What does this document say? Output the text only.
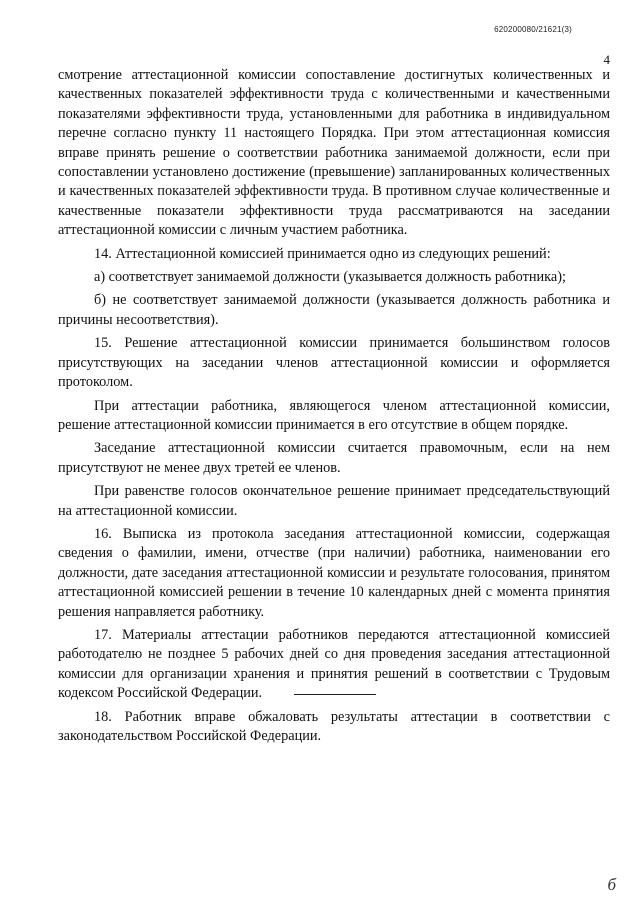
620200080/21621(3)
4

смотрение аттестационной комиссии сопоставление достигнутых количественных и качественных показателей эффективности труда с количественными и качественными показателями эффективности труда, установленными для работника в индивидуальном перечне согласно пункту 11 настоящего Порядка. При этом аттестационная комиссия вправе принять решение о соответствии работника занимаемой должности, если при сопоставлении установлено достижение (превышение) запланированных количественных и качественных показателей эффективности труда. В противном случае количественные и качественные показатели эффективности труда рассматриваются на заседании аттестационной комиссии с личным участием работника.

14. Аттестационной комиссией принимается одно из следующих решений:

а) соответствует занимаемой должности (указывается должность работника);

б) не соответствует занимаемой должности (указывается должность работника и причины несоответствия).

15. Решение аттестационной комиссии принимается большинством голосов присутствующих на заседании членов аттестационной комиссии и оформляется протоколом.

При аттестации работника, являющегося членом аттестационной комиссии, решение аттестационной комиссии принимается в его отсутствие в общем порядке.

Заседание аттестационной комиссии считается правомочным, если на нем присутствуют не менее двух третей ее членов.

При равенстве голосов окончательное решение принимает председательствующий на аттестационной комиссии.

16. Выписка из протокола заседания аттестационной комиссии, содержащая сведения о фамилии, имени, отчестве (при наличии) работника, наименовании его должности, дате заседания аттестационной комиссии и результате голосования, принятом аттестационной комиссией решении в течение 10 календарных дней с момента принятия решения направляется работнику.

17. Материалы аттестации работников передаются аттестационной комиссией работодателю не позднее 5 рабочих дней со дня проведения заседания аттестационной комиссии для организации хранения и принятия решений в соответствии с Трудовым кодексом Российской Федерации.

18. Работник вправе обжаловать результаты аттестации в соответствии с законодательством Российской Федерации.

б
